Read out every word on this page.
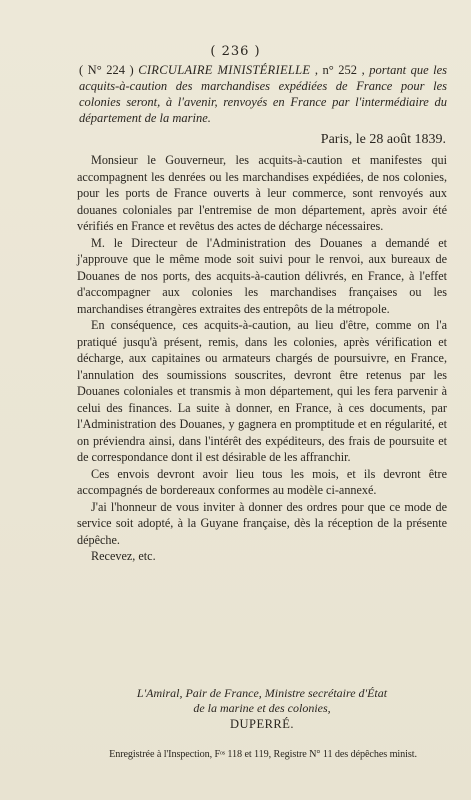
( 236 )
( N° 224 ) CIRCULAIRE MINISTÉRIELLE , n° 252 , portant que les acquits-à-caution des marchandises expédiées de France pour les colonies seront, à l'avenir, renvoyés en France par l'intermédiaire du département de la marine.
Paris, le 28 août 1839.

Monsieur le Gouverneur, les acquits-à-caution et manifestes qui accompagnent les denrées ou les marchandises expédiées, de nos colonies, pour les ports de France ouverts à leur commerce, sont renvoyés aux douanes coloniales par l'entremise de mon département, après avoir été vérifiés en France et revêtus des actes de décharge nécessaires.

M. le Directeur de l'Administration des Douanes a demandé et j'approuve que le même mode soit suivi pour le renvoi, aux bureaux de Douanes de nos ports, des acquits-à-caution délivrés, en France, à l'effet d'accompagner aux colonies les marchandises françaises ou les marchandises étrangères extraites des entrepôts de la métropole.

En conséquence, ces acquits-à-caution, au lieu d'être, comme on l'a pratiqué jusqu'à présent, remis, dans les colonies, après vérification et décharge, aux capitaines ou armateurs chargés de poursuivre, en France, l'annulation des soumissions souscrites, devront être retenus par les Douanes coloniales et transmis à mon département, qui les fera parvenir à celui des finances. La suite à donner, en France, à ces documents, par l'Administration des Douanes, y gagnera en promptitude et en régularité, et on préviendra ainsi, dans l'intérêt des expéditeurs, des frais de poursuite et de correspondance dont il est désirable de les affranchir.

Ces envois devront avoir lieu tous les mois, et ils devront être accompagnés de bordereaux conformes au modèle ci-annexé.

J'ai l'honneur de vous inviter à donner des ordres pour que ce mode de service soit adopté, à la Guyane française, dès la réception de la présente dépêche.

Recevez, etc.

L'Amiral, Pair de France, Ministre secrétaire d'État
de la marine et des colonies,
DUPERRÉ.
Enregistrée à l'Inspection, Fᵒˢ 118 et 119, Registre N° 11 des dépêches minist.
